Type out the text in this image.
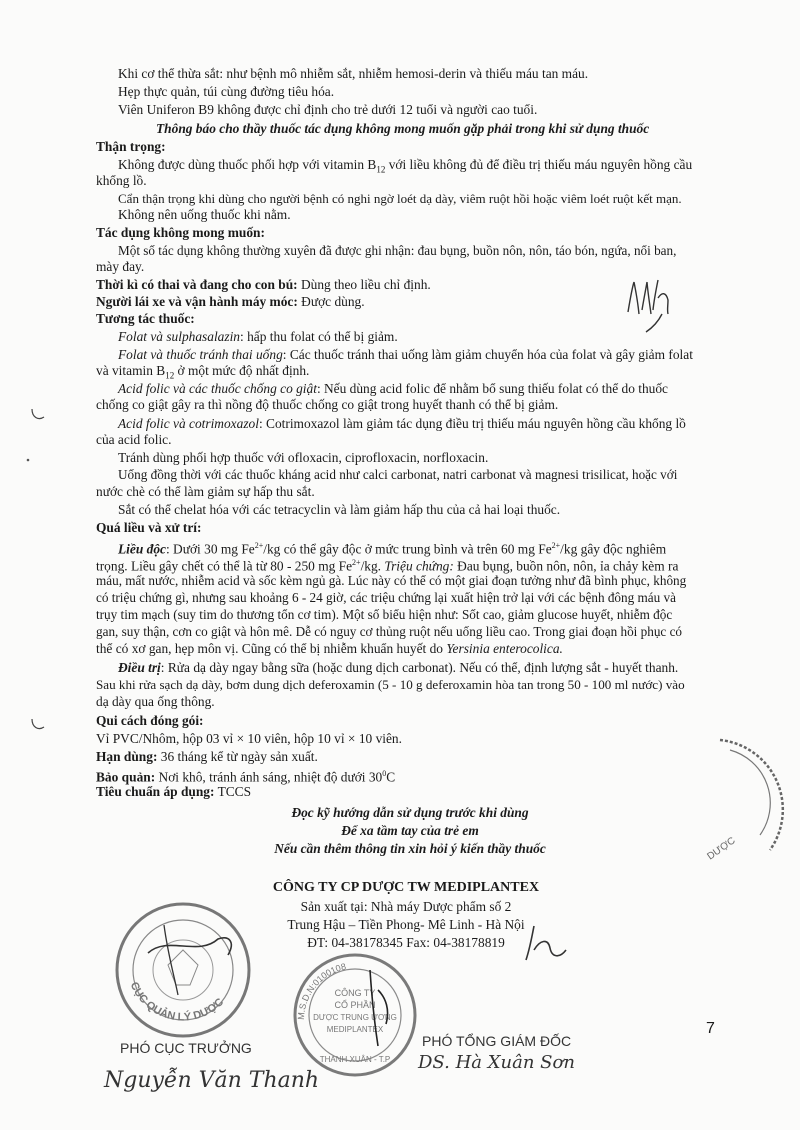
Khi cơ thể thừa sắt: như bệnh mô nhiễm sắt, nhiễm hemosi-derin và thiếu máu tan máu.
Hẹp thực quản, túi cùng đường tiêu hóa.
Viên Uniferon B9 không được chỉ định cho trẻ dưới 12 tuổi và người cao tuổi.
Thông báo cho thầy thuốc tác dụng không mong muốn gặp phải trong khi sử dụng thuốc
Thận trọng:
Không được dùng thuốc phối hợp với vitamin $B_{12}$ với liều không đủ để điều trị thiếu máu nguyên hồng cầu
khổng lồ.
Cẩn thận trọng khi dùng cho người bệnh có nghi ngờ loét dạ dày, viêm ruột hồi hoặc viêm loét ruột kết mạn.
Không nên uống thuốc khi nằm.
Tác dụng không mong muốn:
Một số tác dụng không thường xuyên đã được ghi nhận: đau bụng, buồn nôn, nôn, táo bón, ngứa, nổi ban,
mày đay.
Thời kì có thai và đang cho con bú: Dùng theo liều chỉ định.
Người lái xe và vận hành máy móc: Được dùng.
Tương tác thuốc:
Folat và sulphasalazin: hấp thu folat có thể bị giảm.
Folat và thuốc tránh thai uống: Các thuốc tránh thai uống làm giảm chuyển hóa của folat và gây giảm folat
và vitamin $B_{12}$ ở một mức độ nhất định.
Acid folic và các thuốc chống co giật: Nếu dùng acid folic để nhằm bổ sung thiếu folat có thể do thuốc
chống co giật gây ra thì nồng độ thuốc chống co giật trong huyết thanh có thể bị giảm.
Acid folic và cotrimoxazol: Cotrimoxazol làm giảm tác dụng điều trị thiếu máu nguyên hồng cầu khổng lồ
của acid folic.
Tránh dùng phối hợp thuốc với ofloxacin, ciprofloxacin, norfloxacin.
Uống đồng thời với các thuốc kháng acid như calci carbonat, natri carbonat và magnesi trisilicat, hoặc với
nước chè có thể làm giảm sự hấp thu sắt.
Sắt có thể chelat hóa với các tetracyclin và làm giảm hấp thu của cả hai loại thuốc.
Quá liều và xử trí:
Liều độc: Dưới 30 mg $Fe^{2+}/kg$ có thể gây độc ở mức trung bình và trên 60 mg $Fe^{2+}/kg$ gây độc nghiêm
trọng. Liều gây chết có thể là từ 80 - 250 mg $Fe^{2+}/kg$. Triệu chứng: Đau bụng, buồn nôn, nôn, ỉa chảy kèm ra
máu, mất nước, nhiễm acid và sốc kèm ngủ gà. Lúc này có thể có một giai đoạn tưởng như đã bình phục, không
có triệu chứng gì, nhưng sau khoảng 6 - 24 giờ, các triệu chứng lại xuất hiện trở lại với các bệnh đông máu và
trụy tim mạch (suy tim do thương tổn cơ tim). Một số biểu hiện như: Sốt cao, giảm glucose huyết, nhiễm độc
gan, suy thận, cơn co giật và hôn mê. Dễ có nguy cơ thủng ruột nếu uống liều cao. Trong giai đoạn hồi phục có
thể có xơ gan, hẹp môn vị. Cũng có thể bị nhiễm khuẩn huyết do Yersinia enterocolica.
Điều trị: Rửa dạ dày ngay bằng sữa (hoặc dung dịch carbonat). Nếu có thể, định lượng sắt - huyết thanh.
Sau khi rửa sạch dạ dày, bơm dung dịch deferoxamin (5 - 10 g deferoxamin hòa tan trong 50 - 100 ml nước) vào
dạ dày qua ống thông.
Qui cách đóng gói:
Vỉ PVC/Nhôm, hộp 03 vỉ × 10 viên, hộp 10 vỉ × 10 viên.
Hạn dùng: 36 tháng kể từ ngày sản xuất.
Bảo quản: Nơi khô, tránh ánh sáng, nhiệt độ dưới $30^0C$
Tiêu chuẩn áp dụng: TCCS
Đọc kỹ hướng dẫn sử dụng trước khi dùng
Để xa tầm tay của trẻ em
Nếu cần thêm thông tin xin hỏi ý kiến thầy thuốc
CÔNG TY CP DƯỢC TW MEDIPLANTEX
Sản xuất tại: Nhà máy Dược phẩm số 2
Trung Hậu – Tiền Phong- Mê Linh - Hà Nội
ĐT: 04-38178345 Fax: 04-38178819
DƯỢC
CỤC QUẢN LÝ DƯỢC
M.S.D.N:0100108
CÔNG TY
CỔ PHẦN
DƯỢC TRUNG ƯƠNG
MEDIPLANTEX
THANH XUÂN - T.P
PHÓ CỤC TRƯỞNG
Nguyễn Văn Thanh
PHÓ TỔNG GIÁM ĐỐC
DS. Hà Xuân Sơn
7
